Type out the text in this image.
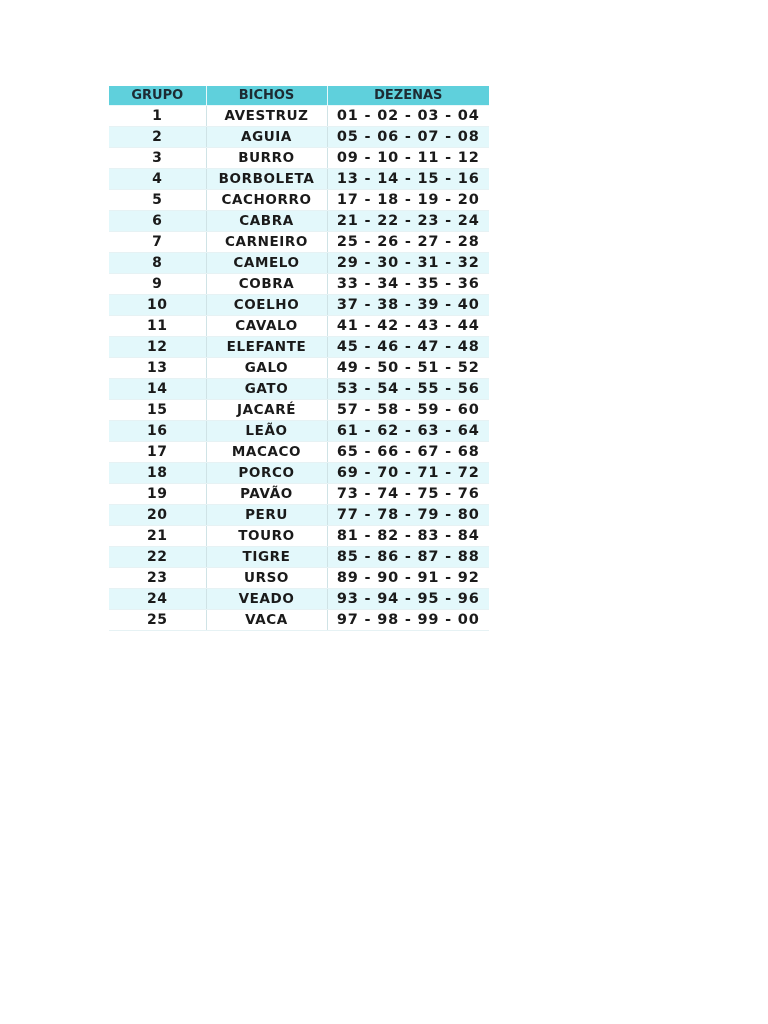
GRUPO	BICHOS	DEZENAS
1	AVESTRUZ	01 - 02 - 03 - 04
2	AGUIA	05 - 06 - 07 - 08
3	BURRO	09 - 10 - 11 - 12
4	BORBOLETA	13 - 14 - 15 - 16
5	CACHORRO	17 - 18 - 19 - 20
6	CABRA	21 - 22 - 23 - 24
7	CARNEIRO	25 - 26 - 27 - 28
8	CAMELO	29 - 30 - 31 - 32
9	COBRA	33 - 34 - 35 - 36
10	COELHO	37 - 38 - 39 - 40
11	CAVALO	41 - 42 - 43 - 44
12	ELEFANTE	45 - 46 - 47 - 48
13	GALO	49 - 50 - 51 - 52
14	GATO	53 - 54 - 55 - 56
15	JACARÉ	57 - 58 - 59 - 60
16	LEÃO	61 - 62 - 63 - 64
17	MACACO	65 - 66 - 67 - 68
18	PORCO	69 - 70 - 71 - 72
19	PAVÃO	73 - 74 - 75 - 76
20	PERU	77 - 78 - 79 - 80
21	TOURO	81 - 82 - 83 - 84
22	TIGRE	85 - 86 - 87 - 88
23	URSO	89 - 90 - 91 - 92
24	VEADO	93 - 94 - 95 - 96
25	VACA	97 - 98 - 99 - 00
